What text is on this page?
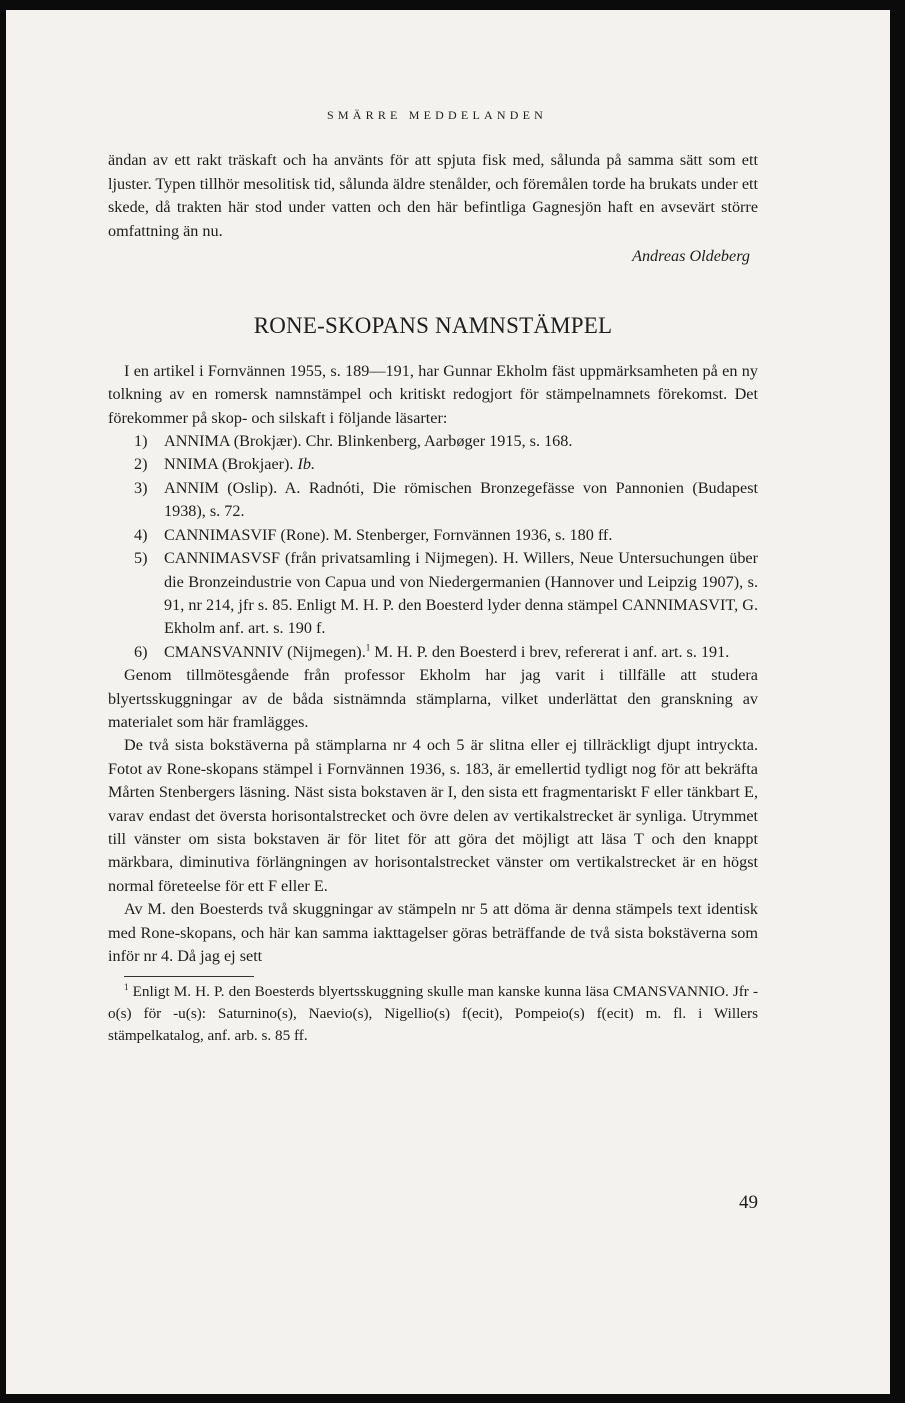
SMÄRRE MEDDELANDEN

ändan av ett rakt träskaft och ha använts för att spjuta fisk med, sålunda på samma sätt som ett ljuster. Typen tillhör mesolitisk tid, sålunda äldre stenålder, och föremålen torde ha brukats under ett skede, då trakten här stod under vatten och den här befintliga Gagnesjön haft en avsevärt större omfattning än nu.

Andreas Oldeberg
RONE-SKOPANS NAMNSTÄMPEL

I en artikel i Fornvännen 1955, s. 189—191, har Gunnar Ekholm fäst uppmärksamheten på en ny tolkning av en romersk namnstämpel och kritiskt redogjort för stämpelnamnets förekomst. Det förekommer på skop- och silskaft i följande läsarter:

1) ANNIMA (Brokjær). Chr. Blinkenberg, Aarbøger 1915, s. 168.
2) NNIMA (Brokjaer). Ib.
3) ANNIM (Oslip). A. Radnóti, Die römischen Bronzegefässe von Pannonien (Budapest 1938), s. 72.
4) CANNIMASVIF (Rone). M. Stenberger, Fornvännen 1936, s. 180 ff.
5) CANNIMASVSF (från privatsamling i Nijmegen). H. Willers, Neue Untersuchungen über die Bronzeindustrie von Capua und von Niedergermanien (Hannover und Leipzig 1907), s. 91, nr 214, jfr s. 85. Enligt M. H. P. den Boesterd lyder denna stämpel CANNIMASVIT, G. Ekholm anf. art. s. 190 f.
6) CMANSVANNIV (Nijmegen).$^1$ M. H. P. den Boesterd i brev, refererat i anf. art. s. 191.

Genom tillmötesgående från professor Ekholm har jag varit i tillfälle att studera blyertsskuggningar av de båda sistnämnda stämplarna, vilket underlättat den granskning av materialet som här framlägges.

De två sista bokstäverna på stämplarna nr 4 och 5 är slitna eller ej tillräckligt djupt intryckta. Fotot av Rone-skopans stämpel i Fornvännen 1936, s. 183, är emellertid tydligt nog för att bekräfta Mårten Stenbergers läsning. Näst sista bokstaven är I, den sista ett fragmentariskt F eller tänkbart E, varav endast det översta horisontalstrecket och övre delen av vertikalstrecket är synliga. Utrymmet till vänster om sista bokstaven är för litet för att göra det möjligt att läsa T och den knappt märkbara, diminutiva förlängningen av horisontalstrecket vänster om vertikalstrecket är en högst normal företeelse för ett F eller E.

Av M. den Boesterds två skuggningar av stämpeln nr 5 att döma är denna stämpels text identisk med Rone-skopans, och här kan samma iakttagelser göras beträffande de två sista bokstäverna som inför nr 4. Då jag ej sett

$^1$ Enligt M. H. P. den Boesterds blyertsskuggning skulle man kanske kunna läsa CMANSVANNIO. Jfr -o(s) för -u(s): Saturnino(s), Naevio(s), Nigellio(s) f(ecit), Pompeio(s) f(ecit) m. fl. i Willers stämpelkatalog, anf. arb. s. 85 ff.

49
